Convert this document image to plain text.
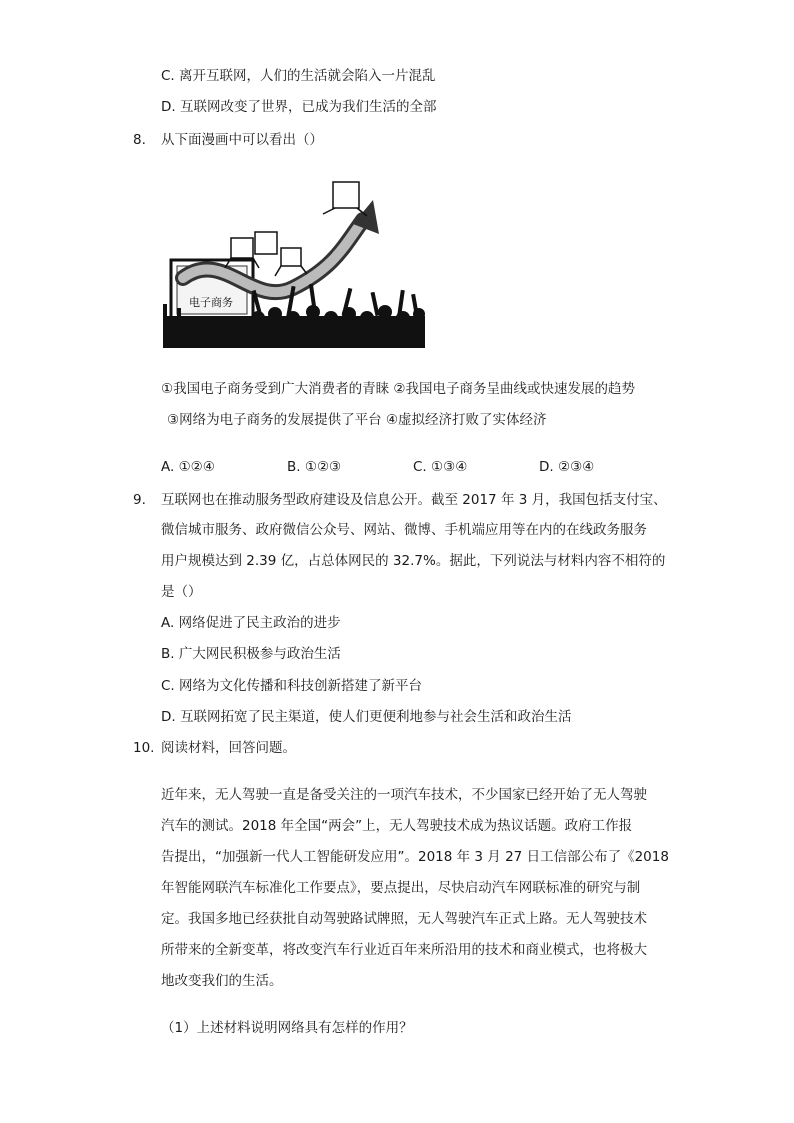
C. 离开互联网，人们的生活就会陷入一片混乱
D. 互联网改变了世界，已成为我们生活的全部
8. 从下面漫画中可以看出（）
电子商务
①我国电子商务受到广大消费者的青睐 ②我国电子商务呈曲线或快速发展的趋势
③网络为电子商务的发展提供了平台 ④虚拟经济打败了实体经济
A. ①②④	B. ①②③	C. ①③④	D. ②③④
9. 互联网也在推动服务型政府建设及信息公开。截至 2017 年 3 月，我国包括支付宝、
微信城市服务、政府微信公众号、网站、微博、手机端应用等在内的在线政务服务
用户规模达到 2.39 亿，占总体网民的 32.7%。据此，下列说法与材料内容不相符的
是（）
A. 网络促进了民主政治的进步
B. 广大网民积极参与政治生活
C. 网络为文化传播和科技创新搭建了新平台
D. 互联网拓宽了民主渠道，使人们更便利地参与社会生活和政治生活
10. 阅读材料，回答问题。
近年来，无人驾驶一直是备受关注的一项汽车技术，不少国家已经开始了无人驾驶
汽车的测试。2018 年全国“两会”上，无人驾驶技术成为热议话题。政府工作报
告提出，“加强新一代人工智能研发应用”。2018 年 3 月 27 日工信部公布了《2018
年智能网联汽车标准化工作要点》，要点提出，尽快启动汽车网联标准的研究与制
定。我国多地已经获批自动驾驶路试牌照，无人驾驶汽车正式上路。无人驾驶技术
所带来的全新变革，将改变汽车行业近百年来所沿用的技术和商业模式，也将极大
地改变我们的生活。
（1）上述材料说明网络具有怎样的作用？
